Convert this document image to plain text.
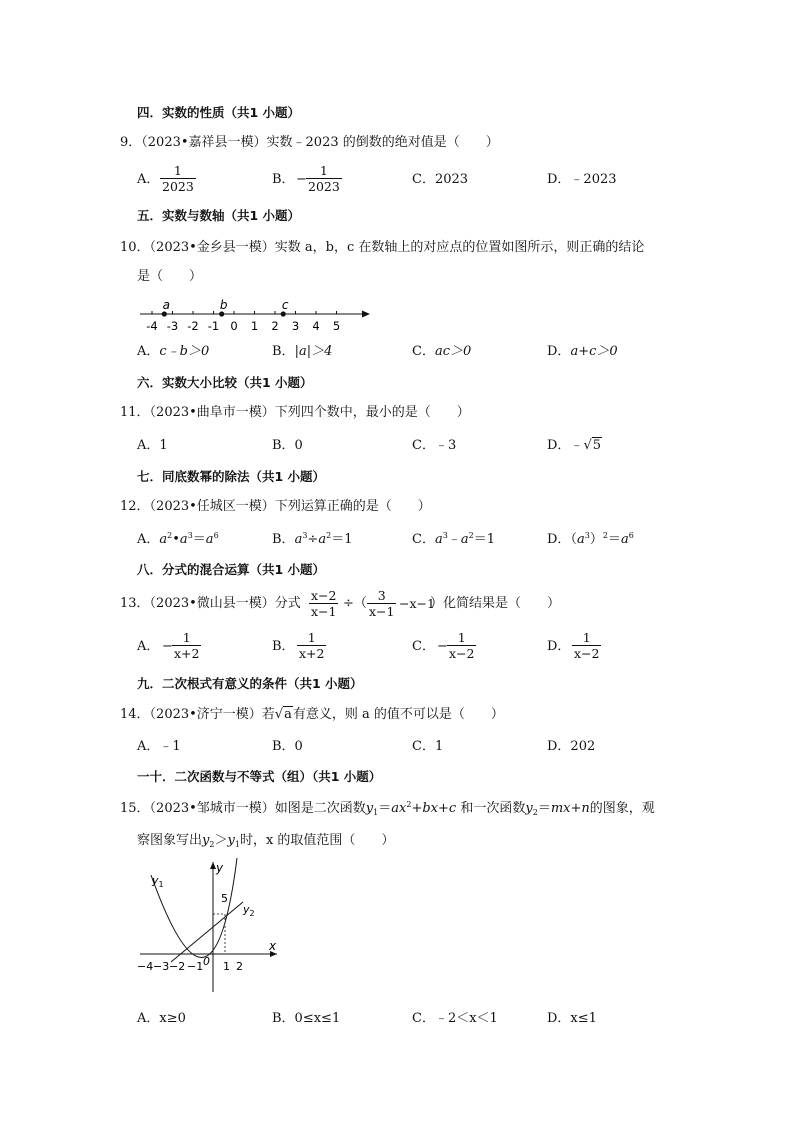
四．实数的性质（共1 小题）
9．（2023•嘉祥县一模）实数﹣2023 的倒数的绝对值是（　　）
A． $\frac{1}{2023}$	B． − $\frac{1}{2023}$	C．2023	D．﹣2023
五．实数与数轴（共1 小题）
10．（2023•金乡县一模）实数 a，b，c 在数轴上的对应点的位置如图所示，则正确的结论
是（　　）
-4 -3 -2 -1 0 1 2 3 4 5
a	b	c
A．c﹣b＞0	B．|a|＞4	C．ac＞0	D．a+c＞0
六．实数大小比较（共1 小题）
11．（2023•曲阜市一模）下列四个数中，最小的是（　　）
A．1	B．0	C．﹣3	D．﹣√5
七．同底数幂的除法（共1 小题）
12．（2023•任城区一模）下列运算正确的是（　　）
A．$a^2•a^3=a^6$	B．$a^3\div a^2=1$	C．$a^3﹣a^2=1$	D．$(a^3)^2=a^6$
八．分式的混合运算（共1 小题）
13．（2023•微山县一模）分式 $\frac{x-2}{x-1}$ ÷（ $\frac{3}{x-1} -x-1$
）化简结果是（　　）
A． − $\frac{1}{x+2}$	B． $\frac{1}{x+2}$	C． − $\frac{1}{x-2}$	D． $\frac{1}{x-2}$
九．二次根式有意义的条件（共1 小题）
14．（2023•济宁一模）若√a有意义，则 a 的值不可以是（　　）
A．﹣1	B．0	C．1	D．202
一十．二次函数与不等式（组）（共1 小题）
15．（2023•邹城市一模）如图是二次函数$y_1=ax^2+bx+c$ 和一次函数$y_2=mx+n$的图象，观
察图象写出$y_2>y_1$时，x 的取值范围（　　）
x
y
5
−4 −3 −2 −1 0 1 2
$y_1$
$y_2$
A．x≥0	B．0≤x≤1	C．﹣2＜x＜1	D．x≤1
